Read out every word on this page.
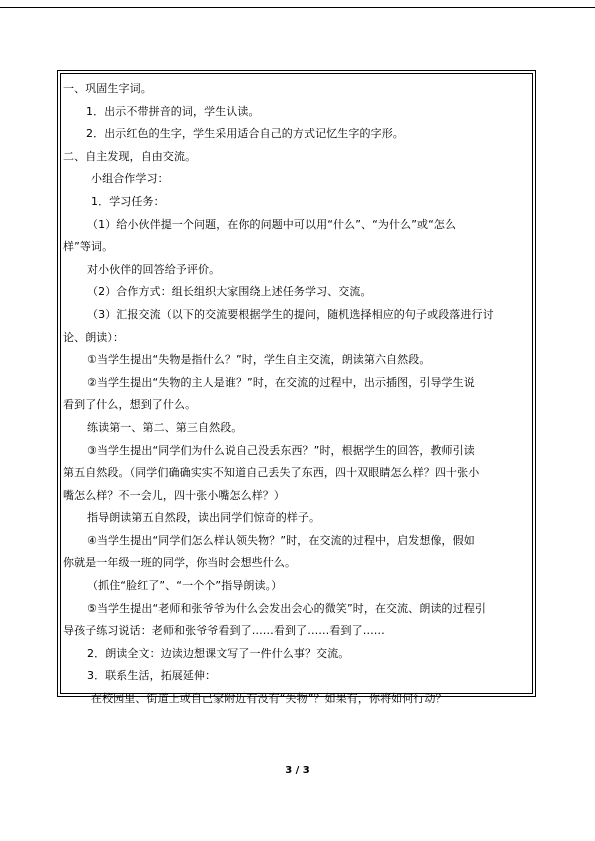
一、巩固生字词。
1．出示不带拼音的词，学生认读。
2．出示红色的生字，学生采用适合自己的方式记忆生字的字形。
二、自主发现，自由交流。
小组合作学习：
1．学习任务：
（1）给小伙伴提一个问题，在你的问题中可以用“什么”、“为什么”或“怎么
样”等词。
对小伙伴的回答给予评价。
（2）合作方式：组长组织大家围绕上述任务学习、交流。
（3）汇报交流（以下的交流要根据学生的提问，随机选择相应的句子或段落进行讨
论、朗读）：
①当学生提出“失物是指什么？”时，学生自主交流，朗读第六自然段。
②当学生提出“失物的主人是谁？”时，在交流的过程中，出示插图，引导学生说
看到了什么，想到了什么。
练读第一、第二、第三自然段。
③当学生提出“同学们为什么说自己没丢东西？”时，根据学生的回答，教师引读
第五自然段。（同学们确确实实不知道自己丢失了东西，四十双眼睛怎么样？四十张小
嘴怎么样？不一会儿，四十张小嘴怎么样？）
指导朗读第五自然段，读出同学们惊奇的样子。
④当学生提出“同学们怎么样认领失物？”时，在交流的过程中，启发想像，假如
你就是一年级一班的同学，你当时会想些什么。
（抓住“脸红了”、“一个个”指导朗读。）
⑤当学生提出“老师和张爷爷为什么会发出会心的微笑”时，在交流、朗读的过程引
导孩子练习说话：老师和张爷爷看到了……看到了……看到了……
2．朗读全文：边读边想课文写了一件什么事？交流。
3．联系生活，拓展延伸：
在校园里、街道上或自己家附近有没有“失物”？如果有，你将如何行动？
3 / 3
